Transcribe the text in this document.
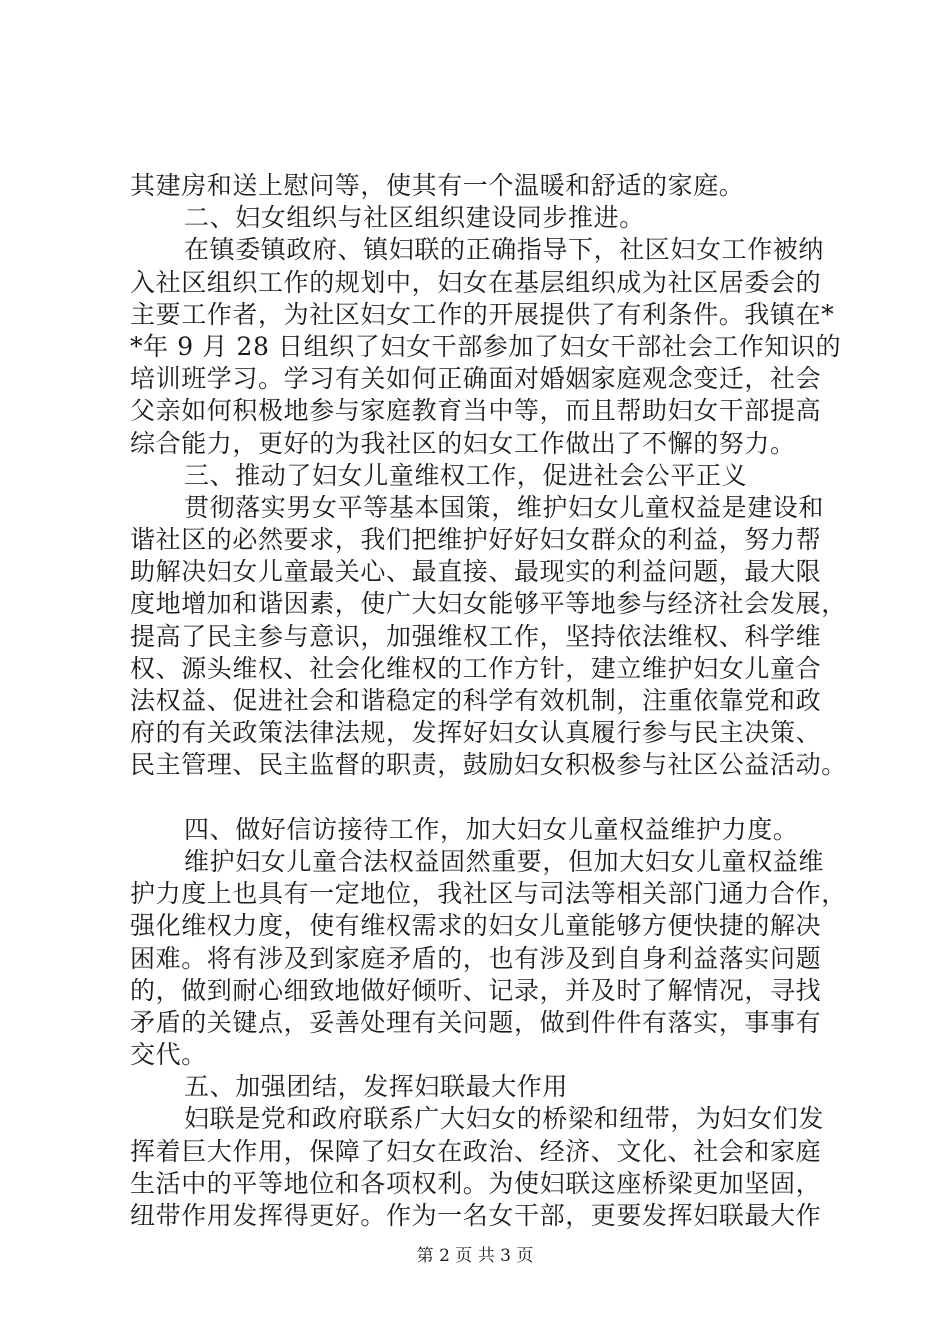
其建房和送上慰问等，使其有一个温暖和舒适的家庭。
二、妇女组织与社区组织建设同步推进。
在镇委镇政府、镇妇联的正确指导下，社区妇女工作被纳
入社区组织工作的规划中，妇女在基层组织成为社区居委会的
主要工作者，为社区妇女工作的开展提供了有利条件。我镇在*
*年 9 月 28 日组织了妇女干部参加了妇女干部社会工作知识的
培训班学习。学习有关如何正确面对婚姻家庭观念变迁，社会
父亲如何积极地参与家庭教育当中等，而且帮助妇女干部提高
综合能力，更好的为我社区的妇女工作做出了不懈的努力。
三、推动了妇女儿童维权工作，促进社会公平正义
贯彻落实男女平等基本国策，维护妇女儿童权益是建设和
谐社区的必然要求，我们把维护好好妇女群众的利益，努力帮
助解决妇女儿童最关心、最直接、最现实的利益问题，最大限
度地增加和谐因素，使广大妇女能够平等地参与经济社会发展，
提高了民主参与意识，加强维权工作，坚持依法维权、科学维
权、源头维权、社会化维权的工作方针，建立维护妇女儿童合
法权益、促进社会和谐稳定的科学有效机制，注重依靠党和政
府的有关政策法律法规，发挥好妇女认真履行参与民主决策、
民主管理、民主监督的职责，鼓励妇女积极参与社区公益活动。
四、做好信访接待工作，加大妇女儿童权益维护力度。
维护妇女儿童合法权益固然重要，但加大妇女儿童权益维
护力度上也具有一定地位，我社区与司法等相关部门通力合作，
强化维权力度，使有维权需求的妇女儿童能够方便快捷的解决
困难。将有涉及到家庭矛盾的，也有涉及到自身利益落实问题
的，做到耐心细致地做好倾听、记录，并及时了解情况，寻找
矛盾的关键点，妥善处理有关问题，做到件件有落实，事事有
交代。
五、加强团结，发挥妇联最大作用
妇联是党和政府联系广大妇女的桥梁和纽带，为妇女们发
挥着巨大作用，保障了妇女在政治、经济、文化、社会和家庭
生活中的平等地位和各项权利。为使妇联这座桥梁更加坚固，
纽带作用发挥得更好。作为一名女干部，更要发挥妇联最大作
第 2 页 共 3 页
